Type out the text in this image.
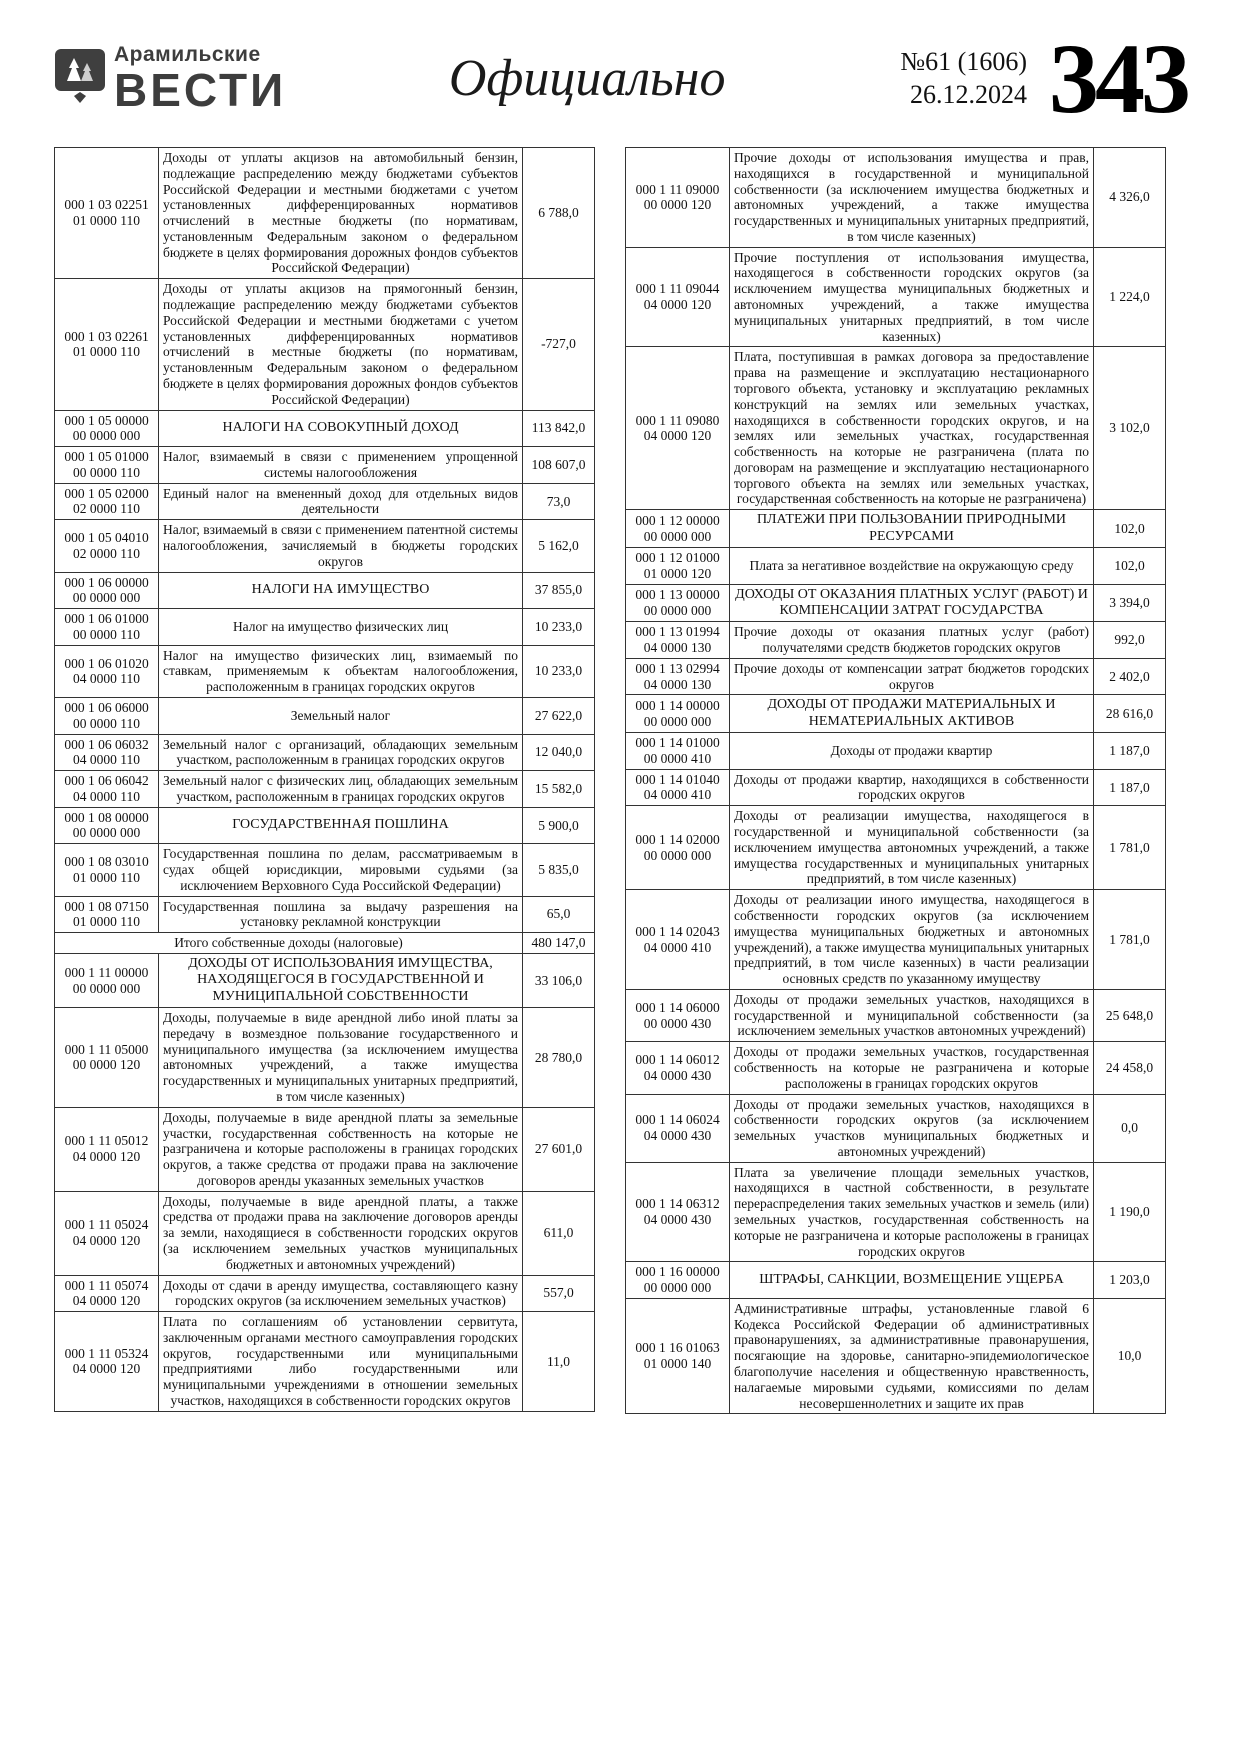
Арамильские
ВЕСТИ	Официально	№61 (1606)
26.12.2024 343
000 1 03 02251
01 0000 110	Доходы от уплаты акцизов на автомобильный бензин, подлежащие распределению между бюджетами субъектов Российской Федерации и местными бюджетами с учетом установленных дифференцированных нормативов отчислений в местные бюджеты (по нормативам, установленным Федеральным законом о федеральном бюджете в целях формирования дорожных фондов субъектов Российской Федерации)	6 788,0

000 1 03 02261
01 0000 110	Доходы от уплаты акцизов на прямогонный бензин, подлежащие распределению между бюджетами субъектов Российской Федерации и местными бюджетами с учетом установленных дифференцированных нормативов отчислений в местные бюджеты (по нормативам, установленным Федеральным законом о федеральном бюджете в целях формирования дорожных фондов субъектов Российской Федерации)	-727,0

000 1 05 00000
00 0000 000	НАЛОГИ НА СОВОКУПНЫЙ ДОХОД	113 842,0

000 1 05 01000
00 0000 110	Налог, взимаемый в связи с применением упрощенной системы налогообложения	108 607,0

000 1 05 02000
02 0000 110	Единый налог на вмененный доход для отдельных видов деятельности	73,0

000 1 05 04010
02 0000 110	Налог, взимаемый в связи с применением патентной системы налогообложения, зачисляемый в бюджеты городских округов	5 162,0

000 1 06 00000
00 0000 000	НАЛОГИ НА ИМУЩЕСТВО	37 855,0

000 1 06 01000
00 0000 110	Налог на имущество физических лиц	10 233,0

000 1 06 01020
04 0000 110	Налог на имущество физических лиц, взимаемый по ставкам, применяемым к объектам налогообложения, расположенным в границах городских округов	10 233,0

000 1 06 06000
00 0000 110	Земельный налог	27 622,0

000 1 06 06032
04 0000 110	Земельный налог с организаций, обладающих земельным участком, расположенным в границах городских округов	12 040,0

000 1 06 06042
04 0000 110	Земельный налог с физических лиц, обладающих земельным участком, расположенным в границах городских округов	15 582,0

000 1 08 00000
00 0000 000	ГОСУДАРСТВЕННАЯ ПОШЛИНА	5 900,0

000 1 08 03010
01 0000 110	Государственная пошлина по делам, рассматриваемым в судах общей юрисдикции, мировыми судьями (за исключением Верховного Суда Российской Федерации)	5 835,0

000 1 08 07150
01 0000 110	Государственная пошлина за выдачу разрешения на установку рекламной конструкции	65,0
Итого собственные доходы (налоговые)		480 147,0

000 1 11 00000
00 0000 000	ДОХОДЫ ОТ ИСПОЛЬЗОВАНИЯ ИМУЩЕСТВА, НАХОДЯЩЕГОСЯ В ГОСУДАРСТВЕННОЙ И МУНИЦИПАЛЬНОЙ СОБСТВЕННОСТИ	33 106,0

000 1 11 05000
00 0000 120	Доходы, получаемые в виде арендной либо иной платы за передачу в возмездное пользование государственного и муниципального имущества (за исключением имущества автономных учреждений, а также имущества государственных и муниципальных унитарных предприятий, в том числе казенных)	28 780,0

000 1 11 05012
04 0000 120	Доходы, получаемые в виде арендной платы за земельные участки, государственная собственность на которые не разграничена и которые расположены в границах городских округов, а также средства от продажи права на заключение договоров аренды указанных земельных участков	27 601,0

000 1 11 05024
04 0000 120	Доходы, получаемые в виде арендной платы, а также средства от продажи права на заключение договоров аренды за земли, находящиеся в собственности городских округов (за исключением земельных участков муниципальных бюджетных и автономных учреждений)	611,0

000 1 11 05074
04 0000 120	Доходы от сдачи в аренду имущества, составляющего казну городских округов (за исключением земельных участков)	557,0

000 1 11 05324
04 0000 120	Плата по соглашениям об установлении сервитута, заключенным органами местного самоуправления городских округов, государственными или муниципальными предприятиями либо государственными или муниципальными учреждениями в отношении земельных участков, находящихся в собственности городских округов	11,0
000 1 11 09000
00 0000 120	Прочие доходы от использования имущества и прав, находящихся в государственной и муниципальной собственности (за исключением имущества бюджетных и автономных учреждений, а также имущества государственных и муниципальных унитарных предприятий, в том числе казенных)	4 326,0

000 1 11 09044
04 0000 120	Прочие поступления от использования имущества, находящегося в собственности городских округов (за исключением имущества муниципальных бюджетных и автономных учреждений, а также имущества муниципальных унитарных предприятий, в том числе казенных)	1 224,0

000 1 11 09080
04 0000 120	Плата, поступившая в рамках договора за предоставление права на размещение и эксплуатацию нестационарного торгового объекта, установку и эксплуатацию рекламных конструкций на землях или земельных участках, находящихся в собственности городских округов, и на землях или земельных участках, государственная собственность на которые не разграничена (плата по договорам на размещение и эксплуатацию нестационарного торгового объекта на землях или земельных участках, государственная собственность на которые не разграничена)	3 102,0

000 1 12 00000
00 0000 000	ПЛАТЕЖИ ПРИ ПОЛЬЗОВАНИИ ПРИРОДНЫМИ РЕСУРСАМИ	102,0

000 1 12 01000
01 0000 120	Плата за негативное воздействие на окружающую среду	102,0

000 1 13 00000
00 0000 000	ДОХОДЫ ОТ ОКАЗАНИЯ ПЛАТНЫХ УСЛУГ (РАБОТ) И КОМПЕНСАЦИИ ЗАТРАТ ГОСУДАРСТВА	3 394,0

000 1 13 01994
04 0000 130	Прочие доходы от оказания платных услуг (работ) получателями средств бюджетов городских округов	992,0

000 1 13 02994
04 0000 130	Прочие доходы от компенсации затрат бюджетов городских округов	2 402,0

000 1 14 00000
00 0000 000	ДОХОДЫ ОТ ПРОДАЖИ МАТЕРИАЛЬНЫХ И НЕМАТЕРИАЛЬНЫХ АКТИВОВ	28 616,0

000 1 14 01000
00 0000 410	Доходы от продажи квартир	1 187,0

000 1 14 01040
04 0000 410	Доходы от продажи квартир, находящихся в собственности городских округов	1 187,0

000 1 14 02000
00 0000 000	Доходы от реализации имущества, находящегося в государственной и муниципальной собственности (за исключением имущества автономных учреждений, а также имущества государственных и муниципальных унитарных предприятий, в том числе казенных)	1 781,0

000 1 14 02043
04 0000 410	Доходы от реализации иного имущества, находящегося в собственности городских округов (за исключением имущества муниципальных бюджетных и автономных учреждений), а также имущества муниципальных унитарных предприятий, в том числе казенных) в части реализации основных средств по указанному имуществу	1 781,0

000 1 14 06000
00 0000 430	Доходы от продажи земельных участков, находящихся в государственной и муниципальной собственности (за исключением земельных участков автономных учреждений)	25 648,0

000 1 14 06012
04 0000 430	Доходы от продажи земельных участков, государственная собственность на которые не разграничена и которые расположены в границах городских округов	24 458,0

000 1 14 06024
04 0000 430	Доходы от продажи земельных участков, находящихся в собственности городских округов (за исключением земельных участков муниципальных бюджетных и автономных учреждений)	0,0

000 1 14 06312
04 0000 430	Плата за увеличение площади земельных участков, находящихся в частной собственности, в результате перераспределения таких земельных участков и земель (или) земельных участков, государственная собственность на которые не разграничена и которые расположены в границах городских округов	1 190,0

000 1 16 00000
00 0000 000	ШТРАФЫ, САНКЦИИ, ВОЗМЕЩЕНИЕ УЩЕРБА	1 203,0

000 1 16 01063
01 0000 140	Административные штрафы, установленные главой 6 Кодекса Российской Федерации об административных правонарушениях, за административные правонарушения, посягающие на здоровье, санитарно-эпидемиологическое благополучие населения и общественную нравственность, налагаемые мировыми судьями, комиссиями по делам несовершеннолетних и защите их прав	10,0
